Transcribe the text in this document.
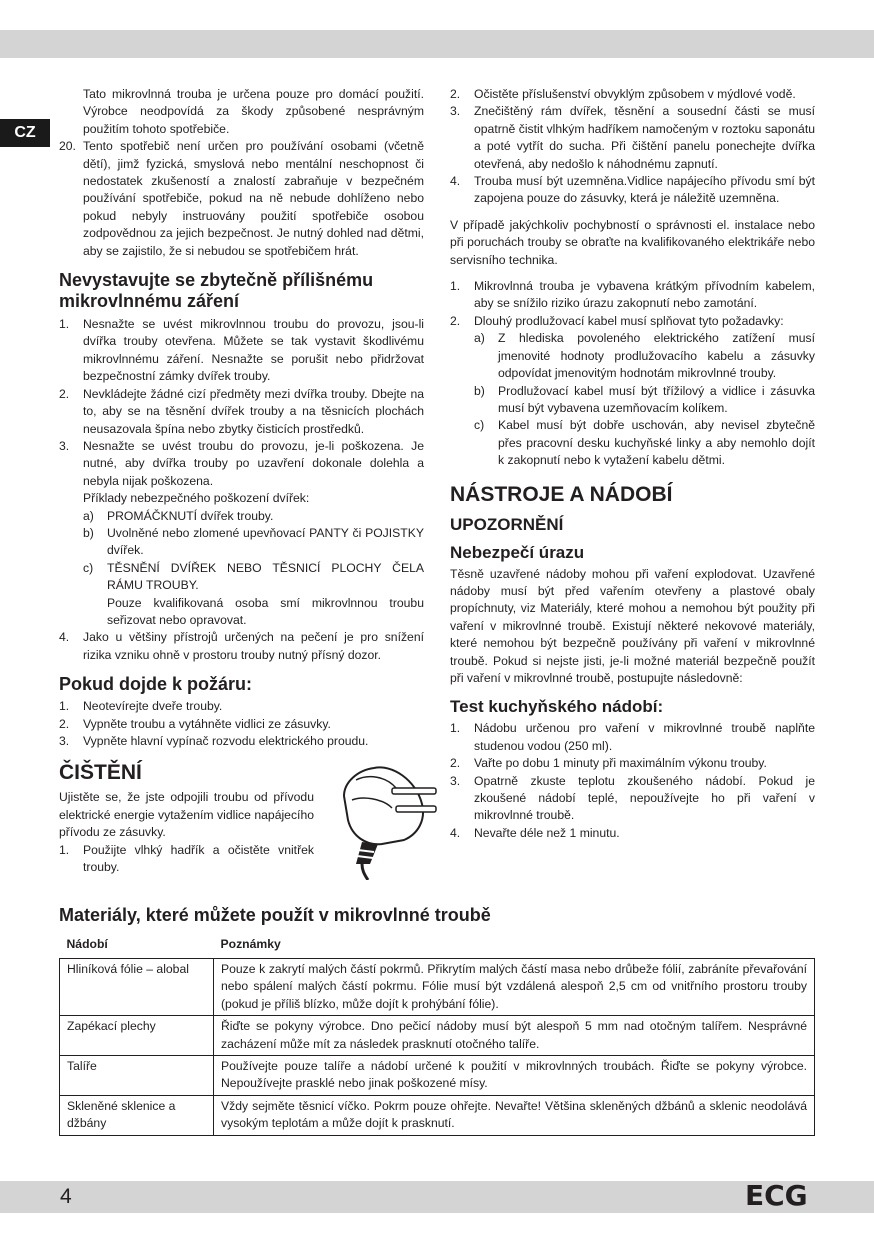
CZ

Tato mikrovlnná trouba je určena pouze pro domácí použití. Výrobce neodpovídá za škody způsobené nesprávným použitím tohoto spotřebiče.

20. Tento spotřebič není určen pro používání osobami (včetně dětí), jimž fyzická, smyslová nebo mentální neschopnost či nedostatek zkušeností a znalostí zabraňuje v bezpečném používání spotřebiče, pokud na ně nebude dohlíženo nebo pokud nebyly instruovány použití spotřebiče osobou zodpovědnou za jejich bezpečnost. Je nutný dohled nad dětmi, aby se zajistilo, že si nebudou se spotřebičem hrát.
Nevystavujte se zbytečně přílišnému mikrovlnnému záření
1. Nesnažte se uvést mikrovlnnou troubu do provozu, jsou-li dvířka trouby otevřena. Můžete se tak vystavit škodlivému mikrovlnnému záření. Nesnažte se porušit nebo přidržovat bezpečnostní zámky dvířek trouby.
2. Nevkládejte žádné cizí předměty mezi dvířka trouby. Dbejte na to, aby se na těsnění dvířek trouby a na těsnicích plochách neusazovala špína nebo zbytky čisticích prostředků.
3. Nesnažte se uvést troubu do provozu, je-li poškozena. Je nutné, aby dvířka trouby po uzavření dokonale dolehla a nebyla nijak poškozena.

Příklady nebezpečného poškození dvířek:

a) PROMÁČKNUTÍ dvířek trouby.
b) Uvolněné nebo zlomené upevňovací PANTY či POJISTKY dvířek.
c) TĚSNĚNÍ DVÍŘEK NEBO TĚSNICÍ PLOCHY ČELA RÁMU TROUBY.

Pouze kvalifikovaná osoba smí mikrovlnnou troubu seřizovat nebo opravovat.

4. Jako u většiny přístrojů určených na pečení je pro snížení rizika vzniku ohně v prostoru trouby nutný přísný dozor.
Pokud dojde k požáru:
1. Neotevírejte dveře trouby.
2. Vypněte troubu a vytáhněte vidlici ze zásuvky.
3. Vypněte hlavní vypínač rozvodu elektrického proudu.
ČIŠTĚNÍ

Ujistěte se, že jste odpojili troubu od přívodu elektrické energie vytažením vidlice napájecího přívodu ze zásuvky.

1. Použijte vlhký hadřík a očistěte vnitřek trouby.
2. Očistěte příslušenství obvyklým způsobem v mýdlové vodě.
3. Znečištěný rám dvířek, těsnění a sousední části se musí opatrně čistit vlhkým hadříkem namočeným v roztoku saponátu a poté vytřít do sucha. Při čištění panelu ponechejte dvířka otevřená, aby nedošlo k náhodnému zapnutí.
4. Trouba musí být uzemněna.Vidlice napájecího přívodu smí být zapojena pouze do zásuvky, která je náležitě uzemněna.

V případě jakýchkoliv pochybností o správnosti el. instalace nebo při poruchách trouby se obraťte na kvalifikovaného elektrikáře nebo servisního technika.

1. Mikrovlnná trouba je vybavena krátkým přívodním kabelem, aby se snížilo riziko úrazu zakopnutí nebo zamotání.
2. Dlouhý prodlužovací kabel musí splňovat tyto požadavky:
a) Z hlediska povoleného elektrického zatížení musí jmenovité hodnoty prodlužovacího kabelu a zásuvky odpovídat jmenovitým hodnotám mikrovlnné trouby.
b) Prodlužovací kabel musí být třížilový a vidlice i zásuvka musí být vybavena uzemňovacím kolíkem.
c) Kabel musí být dobře uschován, aby nevisel zbytečně přes pracovní desku kuchyňské linky a aby nemohlo dojít k zakopnutí nebo k vytažení kabelu dětmi.
NÁSTROJE A NÁDOBÍ
UPOZORNĚNÍ
Nebezpečí úrazu

Těsně uzavřené nádoby mohou při vaření explodovat. Uzavřené nádoby musí být před vařením otevřeny a plastové obaly propíchnuty, viz Materiály, které mohou a nemohou být použity při vaření v mikrovlnné troubě. Existují některé nekovové materiály, které nemohou být bezpečně používány při vaření v mikrovlnné troubě. Pokud si nejste jisti, je-li možné materiál bezpečně použít při vaření v mikrovlnné troubě, postupujte následovně:

Test kuchyňského nádobí:
1. Nádobu určenou pro vaření v mikrovlnné troubě naplňte studenou vodou (250 ml).
2. Vařte po dobu 1 minuty při maximálním výkonu trouby.
3. Opatrně zkuste teplotu zkoušeného nádobí. Pokud je zkoušené nádobí teplé, nepoužívejte ho při vaření v mikrovlnné troubě.
4. Nevařte déle než 1 minutu.
Materiály, které můžete použít v mikrovlnné troubě
Nádobí	Poznámky
Hliníková fólie – alobal	Pouze k zakrytí malých částí pokrmů. Přikrytím malých částí masa nebo drůbeže fólií, zabráníte převařování nebo spálení malých částí pokrmu. Fólie musí být vzdálená alespoň 2,5 cm od vnitřního prostoru trouby (pokud je příliš blízko, může dojít k prohýbání fólie).
Zapékací plechy	Řiďte se pokyny výrobce. Dno pečicí nádoby musí být alespoň 5 mm nad otočným talířem. Nesprávné zacházení může mít za následek prasknutí otočného talíře.
Talíře	Používejte pouze talíře a nádobí určené k použití v mikrovlnných troubách. Řiďte se pokyny výrobce. Nepoužívejte prasklé nebo jinak poškozené mísy.
Skleněné sklenice a džbány	Vždy sejměte těsnicí víčko. Pokrm pouze ohřejte. Nevařte! Většina skleněných džbánů a sklenic neodolává vysokým teplotám a může dojít k prasknutí.
4	ECG
